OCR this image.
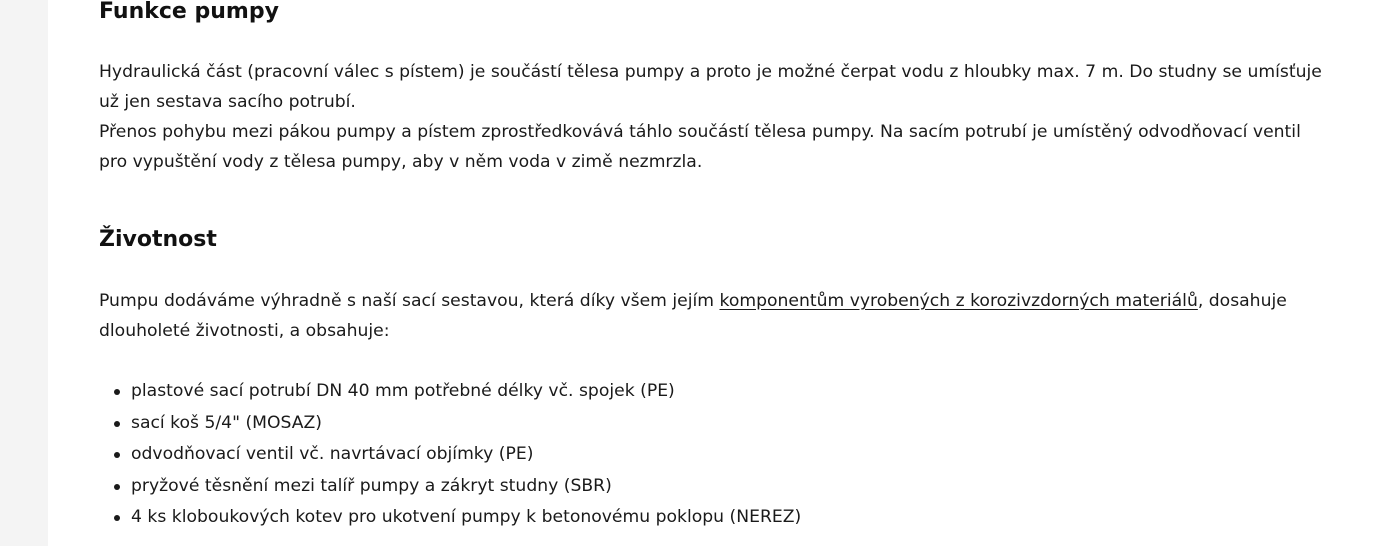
Funkce pumpy
Hydraulická část (pracovní válec s pístem) je součástí tělesa pumpy a proto je možné čerpat vodu z hloubky max. 7 m. Do studny se umísťuje
už jen sestava sacího potrubí.
Přenos pohybu mezi pákou pumpy a pístem zprostředkovává táhlo součástí tělesa pumpy. Na sacím potrubí je umístěný odvodňovací ventil
pro vypuštění vody z tělesa pumpy, aby v něm voda v zimě nezmrzla.
Životnost
Pumpu dodáváme výhradně s naší sací sestavou, která díky všem jejím komponentům vyrobených z korozivzdorných materiálů, dosahuje
dlouholeté životnosti, a obsahuje:
plastové sací potrubí DN 40 mm potřebné délky vč. spojek (PE)
sací koš 5/4" (MOSAZ)
odvodňovací ventil vč. navrtávací objímky (PE)
pryžové těsnění mezi talíř pumpy a zákryt studny (SBR)
4 ks kloboukových kotev pro ukotvení pumpy k betonovému poklopu (NEREZ)
